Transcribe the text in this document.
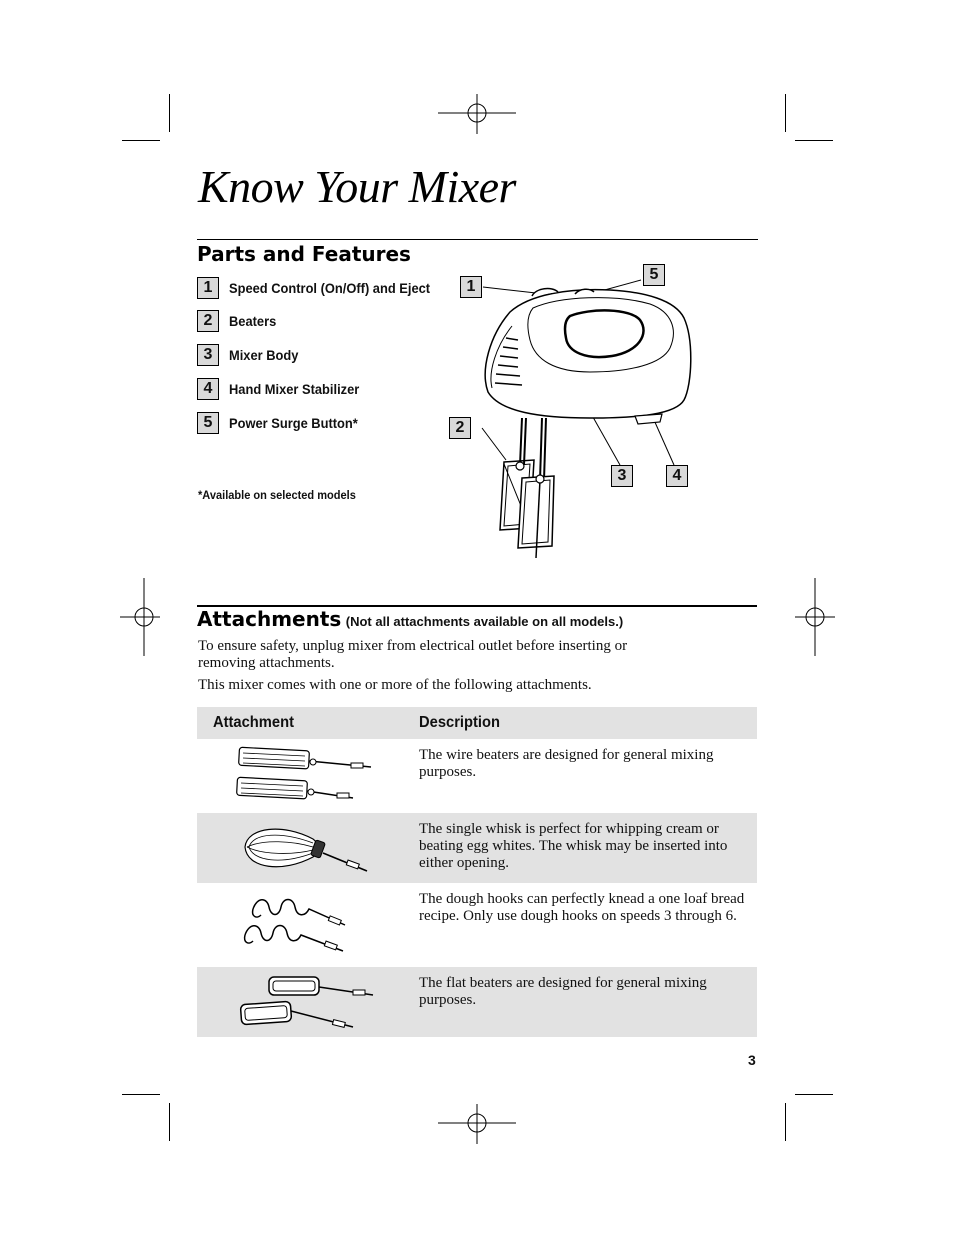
Know Your Mixer
Parts and Features
1	Speed Control (On/Off) and Eject
2	Beaters
3	Mixer Body
4	Hand Mixer Stabilizer
5	Power Surge Button*
*Available on selected models
1
5
2
3	4
Attachments (Not all attachments available on all models.)

To ensure safety, unplug mixer from electrical outlet before inserting or removing attachments.

This mixer comes with one or more of the following attachments.

Attachment	Description

The wire beaters are designed for general mixing purposes.

The single whisk is perfect for whipping cream or beating egg whites. The whisk may be inserted into either opening.

The dough hooks can perfectly knead a one loaf bread recipe. Only use dough hooks on speeds 3 through 6.

The flat beaters are designed for general mixing purposes.

3
